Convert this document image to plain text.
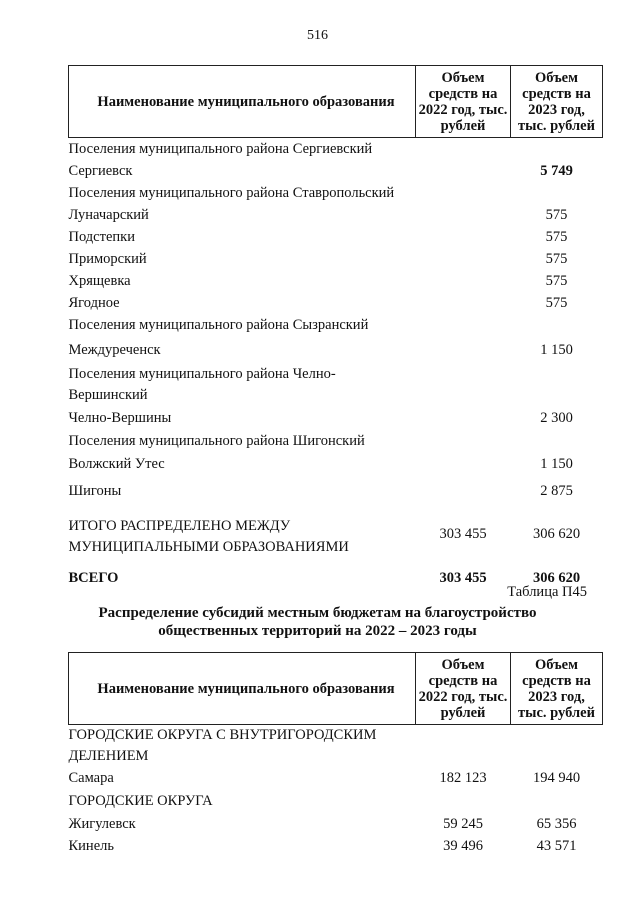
516
Наименование муниципального образования	Объем средств на 2022 год, тыс. рублей	Объем средств на 2023 год, тыс. рублей
Поселения муниципального района Сергиевский		
Сергиевск		5 749
Поселения муниципального района Ставропольский		
Луначарский		575
Подстепки		575
Приморский		575
Хрящевка		575
Ягодное		575
Поселения муниципального района Сызранский		
Междуреченск		1 150
Поселения муниципального района Челно-Вершинский		
Челно-Вершины		2 300
Поселения муниципального района Шигонский		
Волжский Утес		1 150
Шигоны		2 875
ИТОГО РАСПРЕДЕЛЕНО МЕЖДУ МУНИЦИПАЛЬНЫМИ ОБРАЗОВАНИЯМИ	303 455	306 620
ВСЕГО	303 455	306 620
Таблица П45
Распределение субсидий местным бюджетам на благоустройство
общественных территорий на 2022 – 2023 годы
Наименование муниципального образования	Объем средств на 2022 год, тыс. рублей	Объем средств на 2023 год, тыс. рублей
ГОРОДСКИЕ ОКРУГА С ВНУТРИГОРОДСКИМ ДЕЛЕНИЕМ		
Самара	182 123	194 940
ГОРОДСКИЕ ОКРУГА		
Жигулевск	59 245	65 356
Кинель	39 496	43 571
